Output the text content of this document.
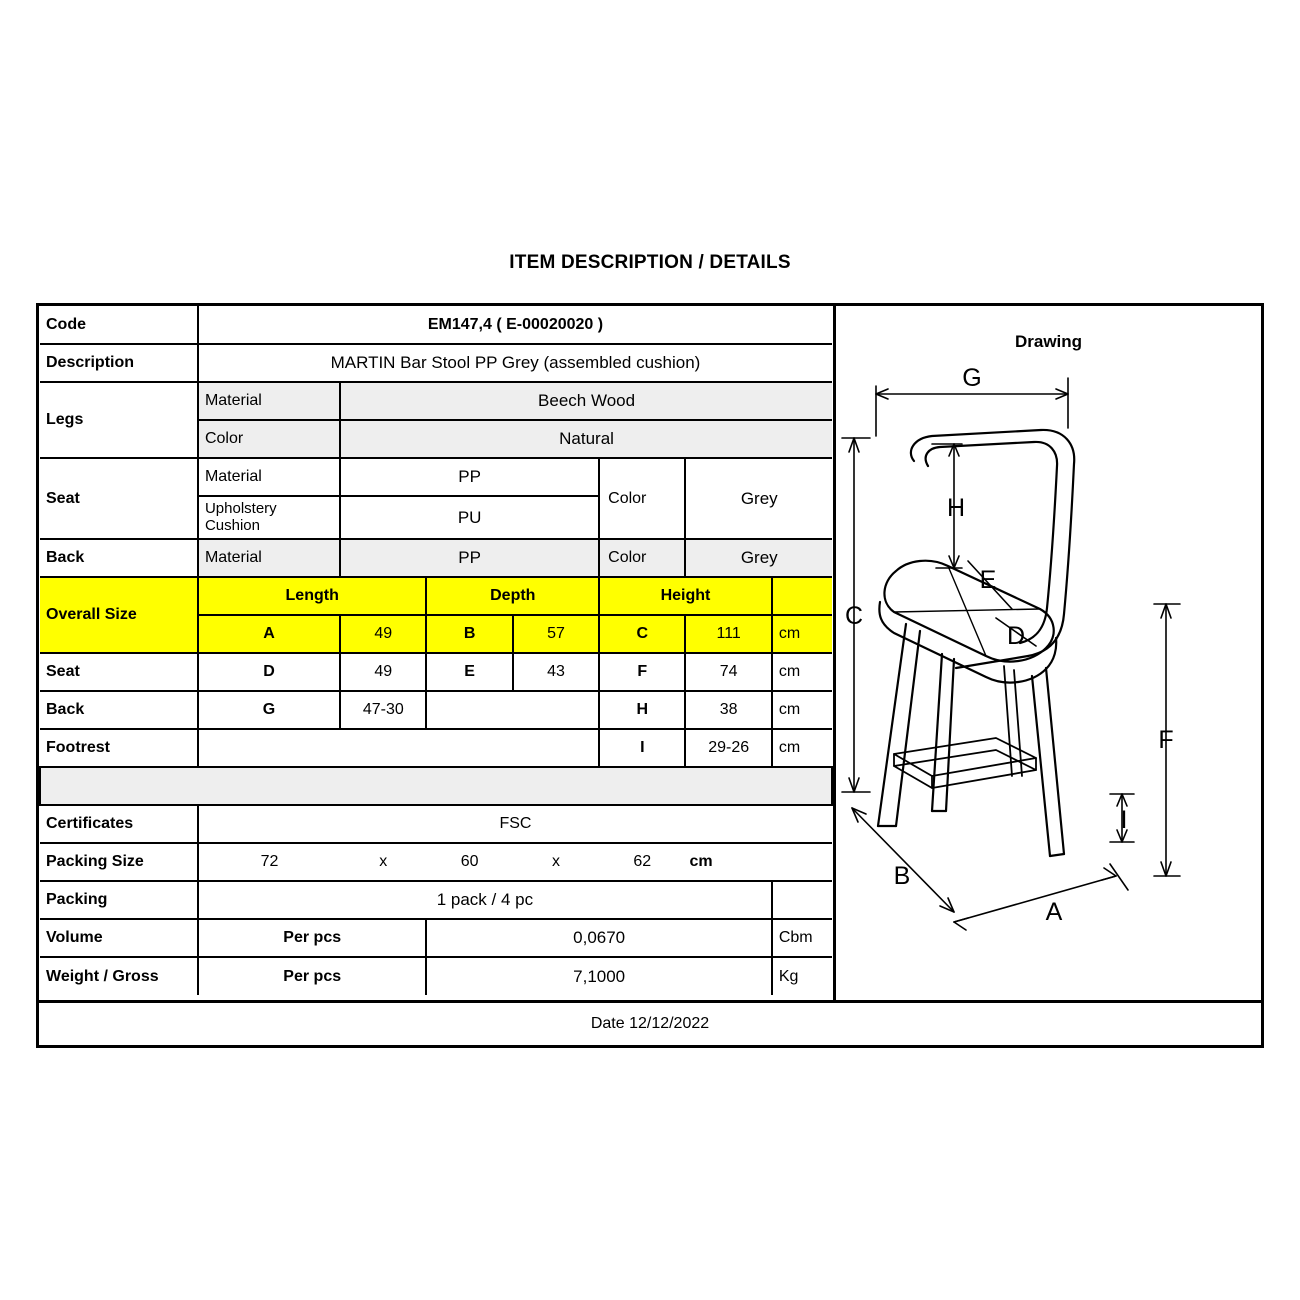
ITEM DESCRIPTION / DETAILS
Code	EM147,4 ( E-00020020 )						
Description	MARTIN Bar Stool PP Grey (assembled cushion)						
Legs	Material	Beech Wood					
	Color	Natural					
Seat	Material	PP			Color	Grey	
	Upholstery Cushion	PU					
Back	Material	PP			Color	Grey	
Overall Size	Length		Depth		Height		
	A	49	B	57	C	111	cm
Seat	D	49	E	43	F	74	cm
Back	G	47-30			H	38	cm
Footrest					I	29-26	cm

Certificates	FSC						
Packing Size	72	x	60	x	62	cm	
Packing	1 pack / 4 pc						
Volume	Per pcs		0,0670				Cbm
Weight / Gross	Per pcs		7,1000				Kg
Drawing
G
H
C
E
D
F
I
B
A
Date 12/12/2022
